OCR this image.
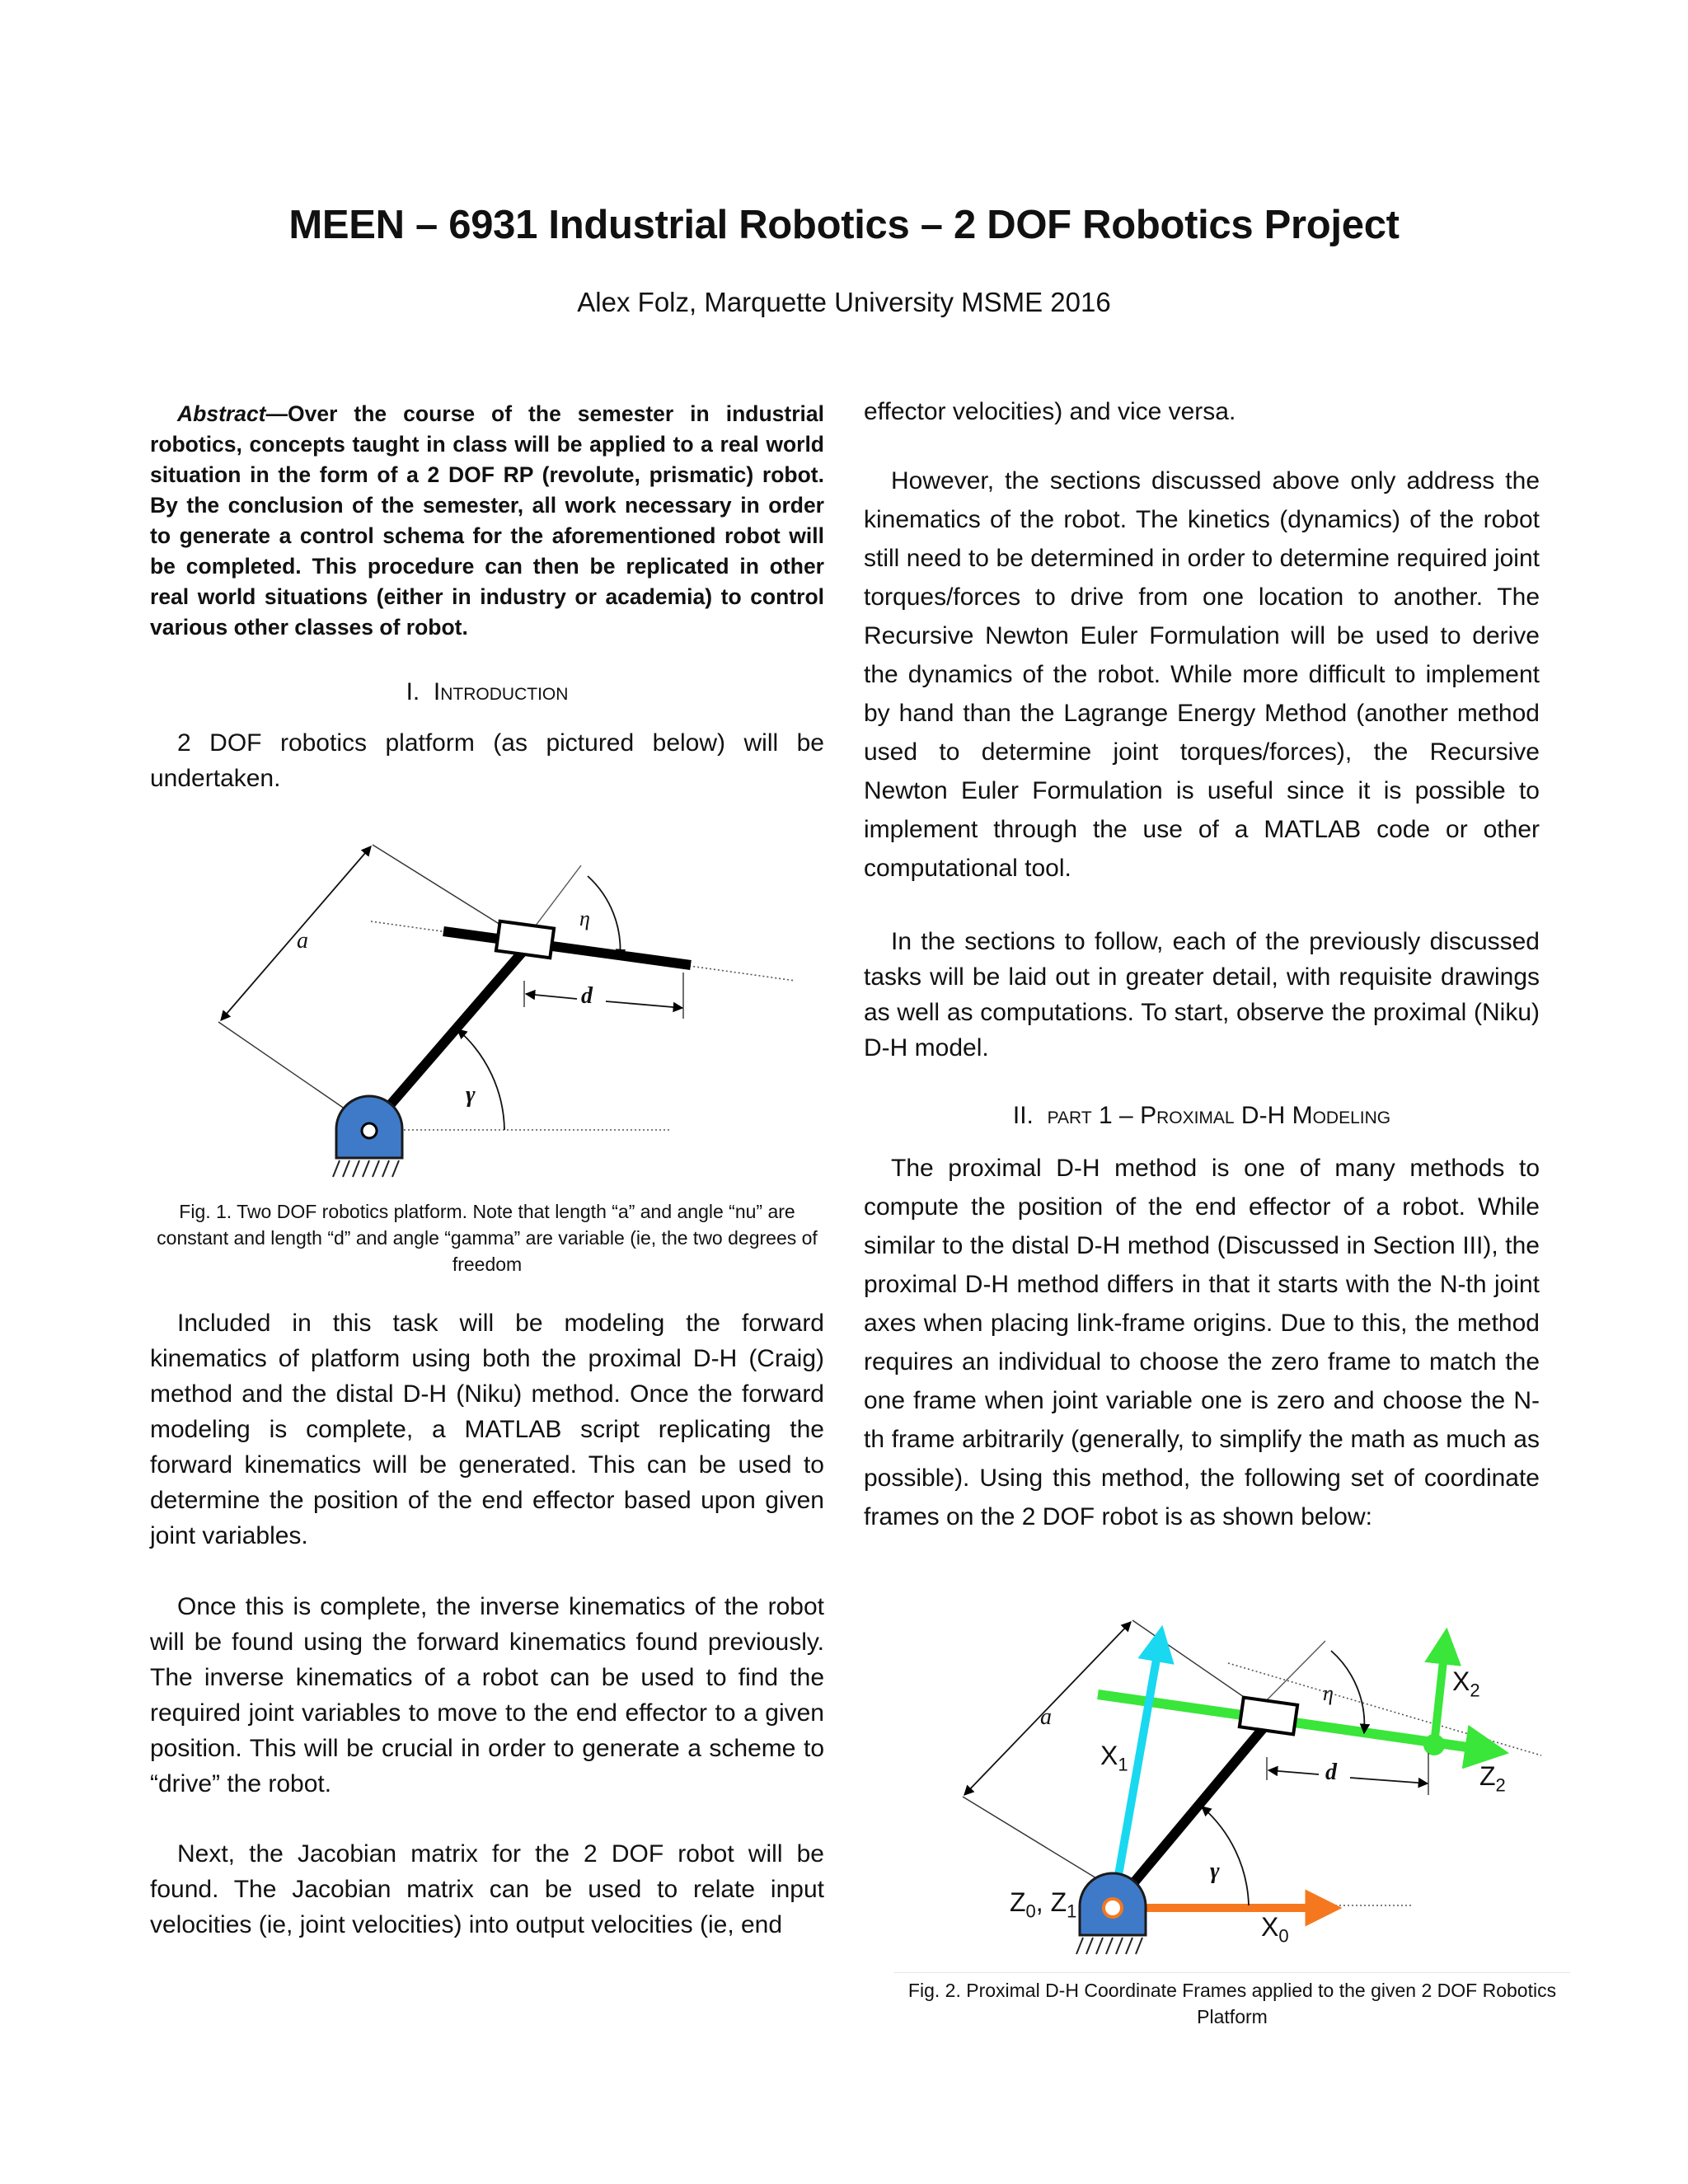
MEEN – 6931 Industrial Robotics – 2 DOF Robotics Project
Alex Folz, Marquette University MSME 2016
Abstract—Over the course of the semester in industrial robotics, concepts taught in class will be applied to a real world situation in the form of a 2 DOF RP (revolute, prismatic) robot. By the conclusion of the semester, all work necessary in order to generate a control schema for the aforementioned robot will be completed. This procedure can then be replicated in other real world situations (either in industry or academia) to control various other classes of robot.
I. Introduction
2 DOF robotics platform (as pictured below) will be undertaken.
a
η
d
γ
Fig. 1. Two DOF robotics platform. Note that length “a” and angle “nu” are constant and length “d” and angle “gamma” are variable (ie, the two degrees of freedom
Included in this task will be modeling the forward kinematics of platform using both the proximal D-H (Craig) method and the distal D-H (Niku) method. Once the forward modeling is complete, a MATLAB script replicating the forward kinematics will be generated. This can be used to determine the position of the end effector based upon given joint variables.
Once this is complete, the inverse kinematics of the robot will be found using the forward kinematics found previously. The inverse kinematics of a robot can be used to find the required joint variables to move to the end effector to a given position. This will be crucial in order to generate a scheme to “drive” the robot.
Next, the Jacobian matrix for the 2 DOF robot will be found. The Jacobian matrix can be used to relate input velocities (ie, joint velocities) into output velocities (ie, end
effector velocities) and vice versa.
However, the sections discussed above only address the kinematics of the robot. The kinetics (dynamics) of the robot still need to be determined in order to determine required joint torques/forces to drive from one location to another. The Recursive Newton Euler Formulation will be used to derive the dynamics of the robot. While more difficult to implement by hand than the Lagrange Energy Method (another method used to determine joint torques/forces), the Recursive Newton Euler Formulation is useful since it is possible to implement through the use of a MATLAB code or other computational tool.
In the sections to follow, each of the previously discussed tasks will be laid out in greater detail, with requisite drawings as well as computations. To start, observe the proximal (Niku) D-H model.
II. part 1 – Proximal D-H Modeling
The proximal D-H method is one of many methods to compute the position of the end effector of a robot. While similar to the distal D-H method (Discussed in Section III), the proximal D-H method differs in that it starts with the N-th joint axes when placing link-frame origins. Due to this, the method requires an individual to choose the zero frame to match the one frame when joint variable one is zero and choose the N-th frame arbitrarily (generally, to simplify the math as much as possible). Using this method, the following set of coordinate frames on the 2 DOF robot is as shown below:
a
η
d
γ
$X_1$
$X_2$
$Z_2$
$Z_0$, $Z_1$
$X_0$
Fig. 2. Proximal D-H Coordinate Frames applied to the given 2 DOF Robotics Platform
